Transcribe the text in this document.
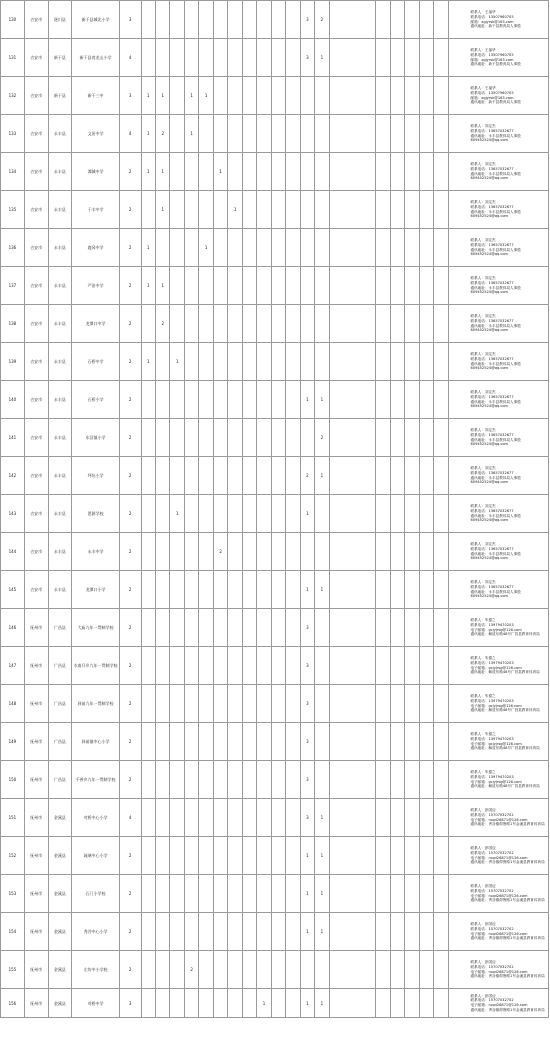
130	吉安市	遂川县	新干县城北小学	3												3	2							联系人：王福华
联系电话：13507960705
邮箱：xgjyrsk@163.com
通讯地址：新干县教育局人事股

131	吉安市	新干县	新干县育龙山小学	4												3	1							联系人：王福华
联系电话：13507960705
邮箱：xgjyrsk@163.com
通讯地址：新干县教育局人事股

132	吉安市	新干县	新干三中	3	1	1		1	1															联系人：王福华
联系电话：13507960705
邮箱：xgjyrsk@163.com
通讯地址：新干县教育局人事股

133	吉安市	永丰县	文田中学	4	1	2		1																联系人：刘定杰
联系电话：13657032677
通讯地址：永丰县教体局人事股
609452524@qq.com

134	吉安市	永丰县	潭城中学	2	1	1				1														联系人：刘定杰
联系电话：13657032677
通讯地址：永丰县教体局人事股
609452524@qq.com

135	吉安市	永丰县	于丰中学	2		1					1													联系人：刘定杰
联系电话：13657032677
通讯地址：永丰县教体局人事股
609452524@qq.com

136	吉安市	永丰县	鹿冈中学	2	1				1															联系人：刘定杰
联系电话：13657032677
通讯地址：永丰县教体局人事股
609452524@qq.com

137	吉安市	永丰县	严田中学	2	1	1																		联系人：刘定杰
联系电话：13657032677
通讯地址：永丰县教体局人事股
609452524@qq.com

138	吉安市	永丰县	龙潭口中学	2		2																		联系人：刘定杰
联系电话：13657032677
通讯地址：永丰县教体局人事股
609452524@qq.com

139	吉安市	永丰县	石桥中学	2	1		1																	联系人：刘定杰
联系电话：13657032677
通讯地址：永丰县教体局人事股
609452524@qq.com

140	吉安市	永丰县	石桥小学	2												1	1							联系人：刘定杰
联系电话：13657032677
通讯地址：永丰县教体局人事股
609452524@qq.com

141	吉安市	永丰县	东汉镇小学	2													2							联系人：刘定杰
联系电话：13657032677
通讯地址：永丰县教体局人事股
609452524@qq.com

142	吉安市	永丰县	坪坑小学	2												2	1							联系人：刘定杰
联系电话：13657032677
通讯地址：永丰县教体局人事股
609452524@qq.com

143	吉安市	永丰县	恩源学校	2			1									1								联系人：刘定杰
联系电话：13657032677
通讯地址：永丰县教体局人事股
609452524@qq.com

144	吉安市	永丰县	永丰中学	2						2														联系人：刘定杰
联系电话：13657032677
通讯地址：永丰县教体局人事股
609452524@qq.com

145	吉安市	永丰县	龙潭口小学	2												1	1							联系人：刘定杰
联系电话：13657032677
通讯地址：永丰县教体局人事股
609452524@qq.com

146	抚州市	广昌县	大庙九年一贯制学校	2												3								联系人：朱德之
联系电话：13979470203
电子邮箱：gcjyjrsg@126.com
通讯地址：解放东路48号广昌县教育体育局

147	抚州市	广昌县	水南圩乡九年一贯制学校	2												3								联系人：朱德之
联系电话：13979470203
电子邮箱：gcjyjrsg@126.com
通讯地址：解放东路48号广昌县教育体育局

148	抚州市	广昌县	驿前九年一贯制学校	2												3								联系人：朱德之
联系电话：13979470203
电子邮箱：gcjyjrsg@126.com
通讯地址：解放东路48号广昌县教育体育局

149	抚州市	广昌县	驿前镇中心小学	2												3								联系人：朱德之
联系电话：13979470203
电子邮箱：gcjyjrsg@126.com
通讯地址：解放东路48号广昌县教育体育局

150	抚州市	广昌县	千善乡九年一贯制学校	2												3								联系人：朱德之
联系电话：13979470203
电子邮箱：gcjyjrsg@126.com
通讯地址：解放东路48号广昌县教育体育局

151	抚州市	金溪县	对桥中心小学	4												3	1							联系人：彭国迈
联系电话：15707032702
电子邮箱：ruqd26871@126.com
通讯地址：秀谷镇仰鲁路1号金溪县教育体育局

152	抚州市	金溪县	琉璃中心小学	2												1	1							联系人：彭国迈
联系电话：15707032702
电子邮箱：ruqd26871@126.com
通讯地址：秀谷镇仰鲁路1号金溪县教育体育局

153	抚州市	金溪县	石门小学校	2												1	1							联系人：彭国迈
联系电话：15707032702
电子邮箱：ruqd26871@126.com
通讯地址：秀谷镇仰鲁路1号金溪县教育体育局

154	抚州市	金溪县	秀谷中心小学	2												1	1							联系人：彭国迈
联系电话：15707032702
电子邮箱：ruqd26871@126.com
通讯地址：秀谷镇仰鲁路1号金溪县教育体育局

155	抚州市	金溪县	左坊中小学校	2				2																联系人：彭国迈
联系电话：15707032702
电子邮箱：ruqd26871@126.com
通讯地址：秀谷镇仰鲁路1号金溪县教育体育局

156	抚州市	金溪县	对桥中学	3									1			1	1							联系人：彭国迈
联系电话：15707032702
电子邮箱：ruqd26871@126.com
通讯地址：秀谷镇仰鲁路1号金溪县教育体育局
